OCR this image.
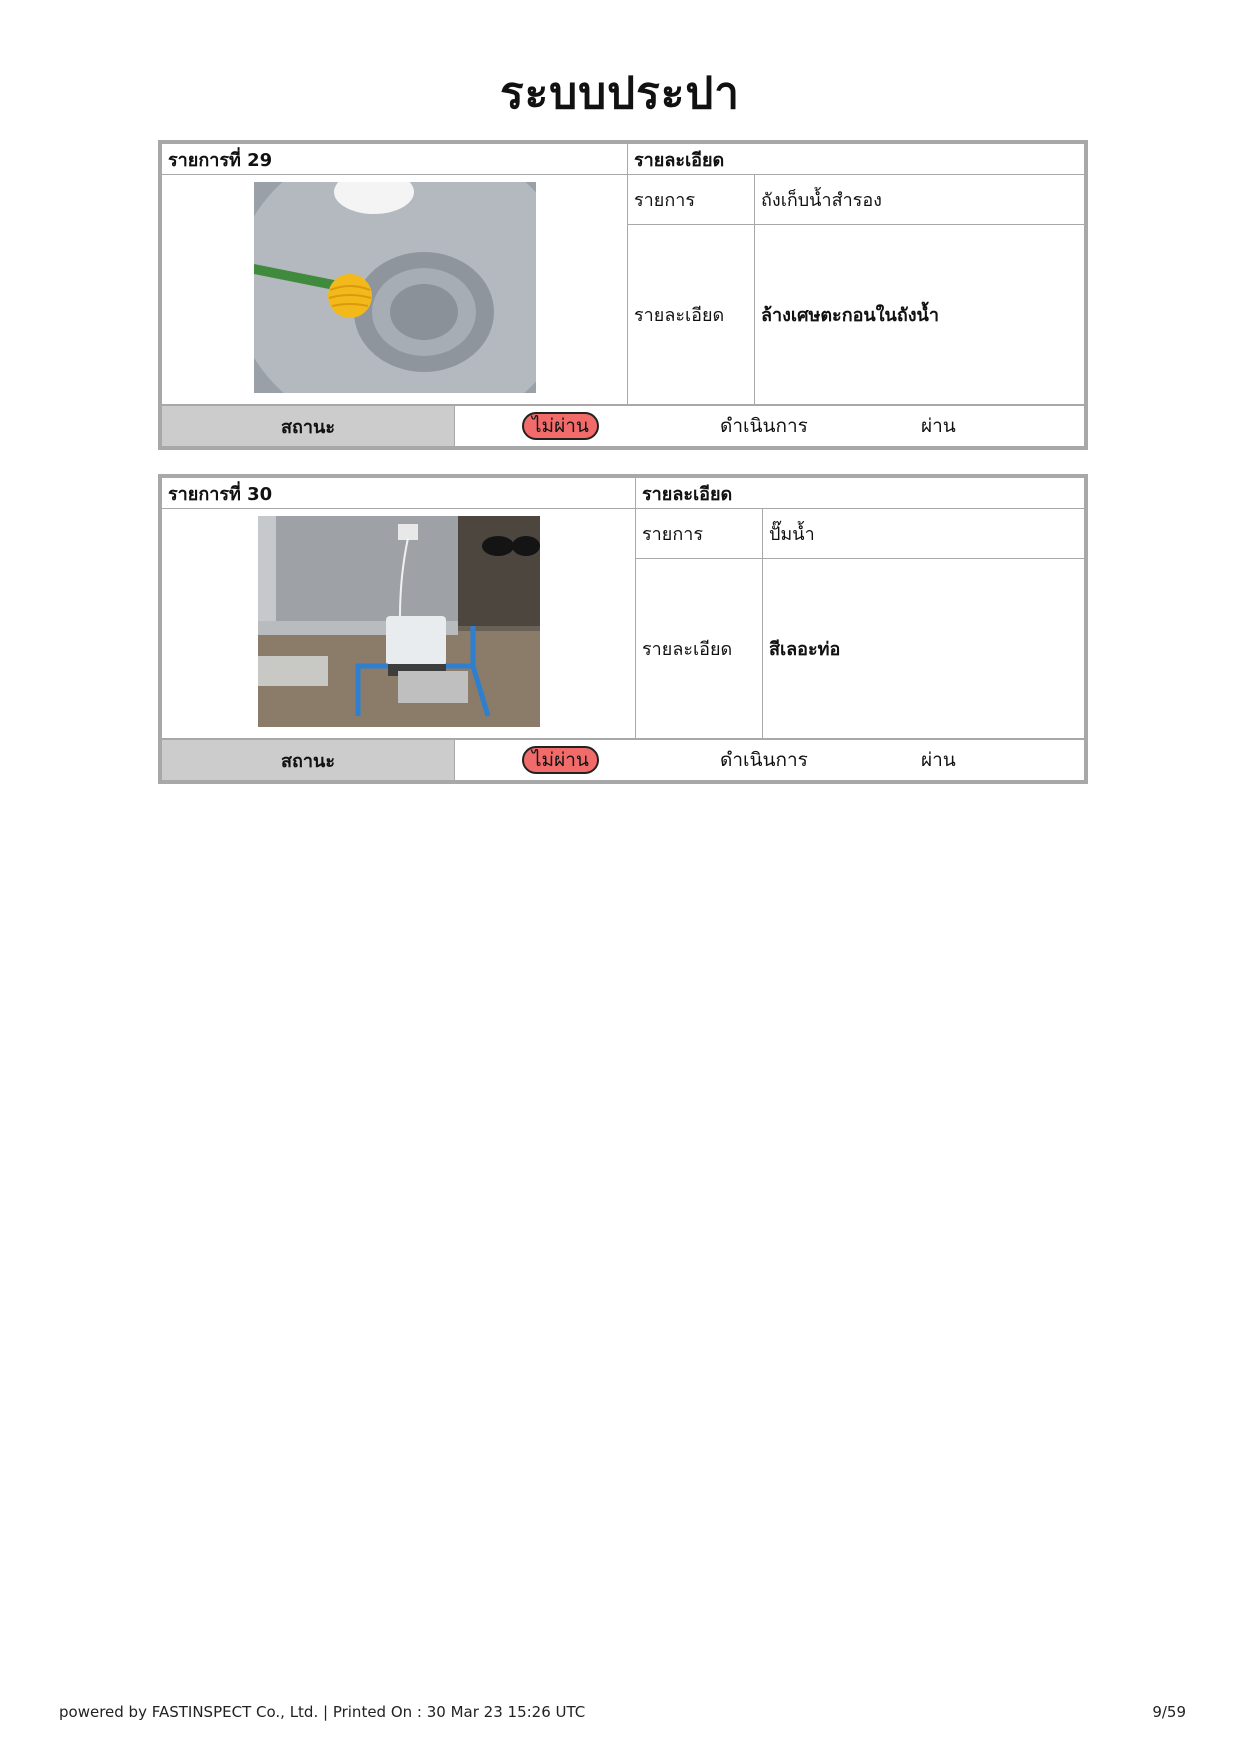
ระบบประปา
รายการที่ 29	รายละเอียด	

	รายการ	ถังเก็บน้ำสำรอง
	รายละเอียด	ล้างเศษตะกอนในถังน้ำ
สถานะ	ไม่ผ่าน	ดำเนินการ	ผ่าน
รายการที่ 30	รายละเอียด	

	รายการ	ปั๊มน้ำ
	รายละเอียด	สีเลอะท่อ
สถานะ	ไม่ผ่าน	ดำเนินการ	ผ่าน
powered by FASTINSPECT Co., Ltd. | Printed On : 30 Mar 23 15:26 UTC	9/59
